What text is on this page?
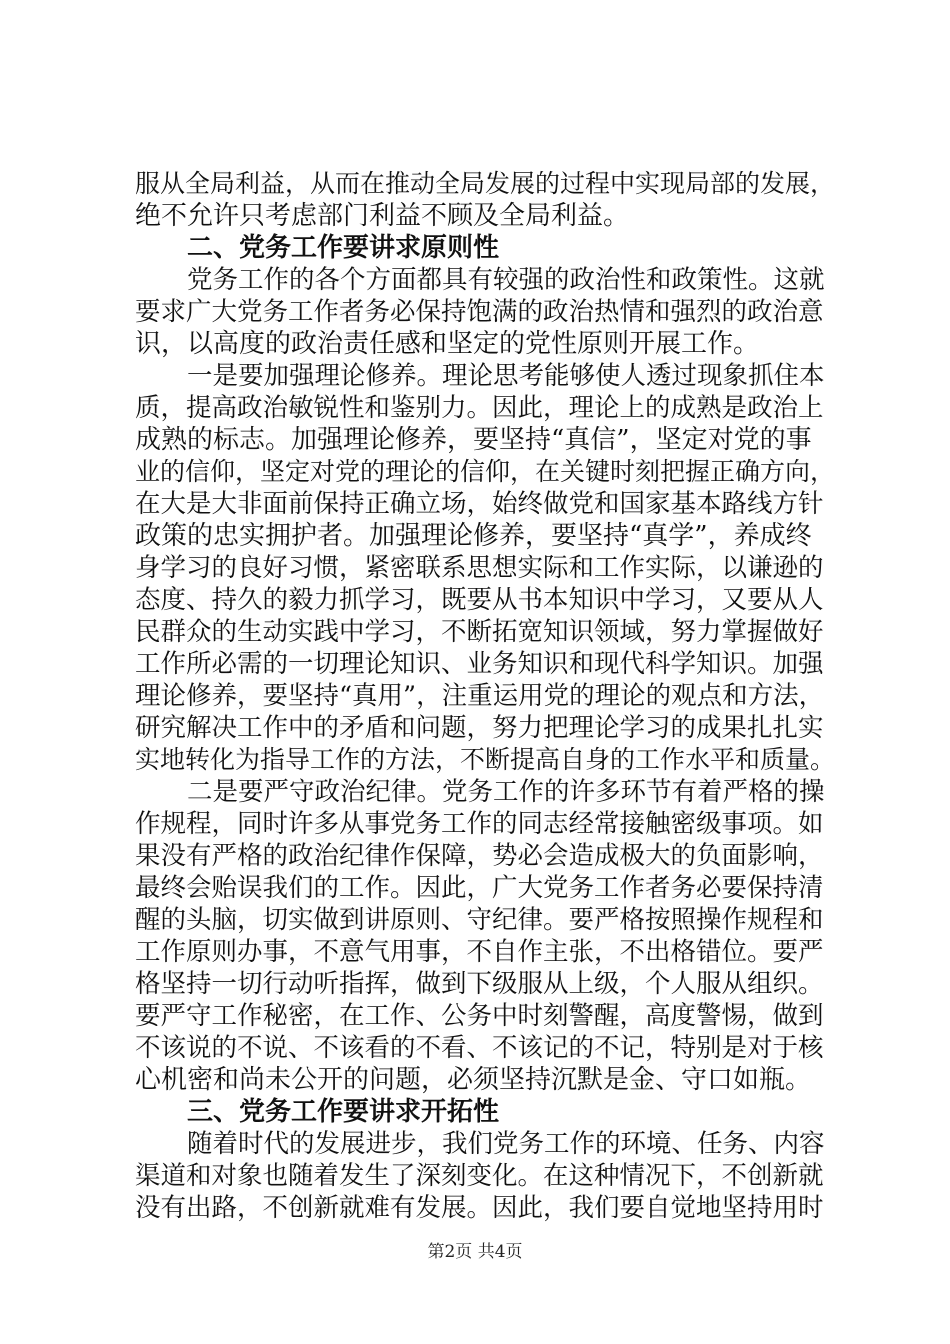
服从全局利益，从而在推动全局发展的过程中实现局部的发展，
绝不允许只考虑部门利益不顾及全局利益。
二、党务工作要讲求原则性
党务工作的各个方面都具有较强的政治性和政策性。这就
要求广大党务工作者务必保持饱满的政治热情和强烈的政治意
识，以高度的政治责任感和坚定的党性原则开展工作。
一是要加强理论修养。理论思考能够使人透过现象抓住本
质，提高政治敏锐性和鉴别力。因此，理论上的成熟是政治上
成熟的标志。加强理论修养，要坚持“真信”，坚定对党的事
业的信仰，坚定对党的理论的信仰，在关键时刻把握正确方向，
在大是大非面前保持正确立场，始终做党和国家基本路线方针
政策的忠实拥护者。加强理论修养，要坚持“真学”，养成终
身学习的良好习惯，紧密联系思想实际和工作实际，以谦逊的
态度、持久的毅力抓学习，既要从书本知识中学习，又要从人
民群众的生动实践中学习，不断拓宽知识领域，努力掌握做好
工作所必需的一切理论知识、业务知识和现代科学知识。加强
理论修养，要坚持“真用”，注重运用党的理论的观点和方法，
研究解决工作中的矛盾和问题，努力把理论学习的成果扎扎实
实地转化为指导工作的方法，不断提高自身的工作水平和质量。
二是要严守政治纪律。党务工作的许多环节有着严格的操
作规程，同时许多从事党务工作的同志经常接触密级事项。如
果没有严格的政治纪律作保障，势必会造成极大的负面影响，
最终会贻误我们的工作。因此，广大党务工作者务必要保持清
醒的头脑，切实做到讲原则、守纪律。要严格按照操作规程和
工作原则办事，不意气用事，不自作主张，不出格错位。要严
格坚持一切行动听指挥，做到下级服从上级，个人服从组织。
要严守工作秘密，在工作、公务中时刻警醒，高度警惕，做到
不该说的不说、不该看的不看、不该记的不记，特别是对于核
心机密和尚未公开的问题，必须坚持沉默是金、守口如瓶。
三、党务工作要讲求开拓性
随着时代的发展进步，我们党务工作的环境、任务、内容
渠道和对象也随着发生了深刻变化。在这种情况下，不创新就
没有出路，不创新就难有发展。因此，我们要自觉地坚持用时
第2页 共4页
